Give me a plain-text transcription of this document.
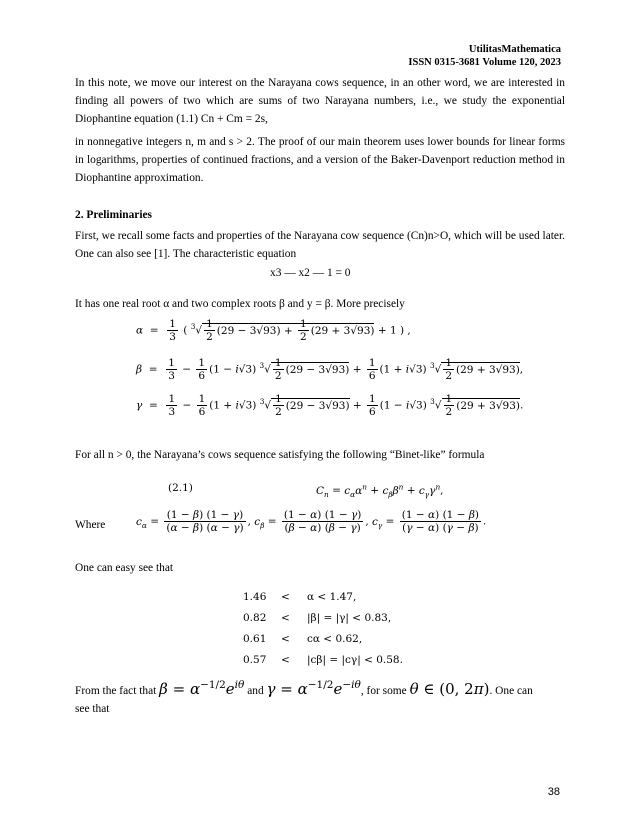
UtilitasMathematica
ISSN 0315-3681 Volume 120, 2023
In this note, we move our interest on the Narayana cows sequence, in an other word, we are interested in finding all powers of two which are sums of two Narayana numbers, i.e., we study the exponential Diophantine equation (1.1) Cn + Cm = 2s,
in nonnegative integers n, m and s > 2. The proof of our main theorem uses lower bounds for linear forms in logarithms, properties of continued fractions, and a version of the Baker-Davenport reduction method in Diophantine approximation.
2. Preliminaries
First, we recall some facts and properties of the Narayana cow sequence (Cn)n>O, which will be used later. One can also see [1]. The characteristic equation
x3 — x2 — 1 = 0
It has one real root α and two complex roots β and y = β. More precisely
$\alpha = \frac{1}{3}$ ( $^3√ \frac{1}{2} (29 - 3√93) + \frac{1}{2} (29 + 3√93) + 1$ ) ,
$\beta = \frac{1}{3} - \frac{1}{6} (1 - i√3)$ $^3√ \frac{1}{2} (29 - 3√93) + \frac{1}{6} (1 + i√3)$ $^3√ \frac{1}{2} (29 + 3√93)$,
$\gamma = \frac{1}{3} - \frac{1}{6} (1 + i√3)$ $^3√ \frac{1}{2} (29 - 3√93) + \frac{1}{6} (1 - i√3)$ $^3√ \frac{1}{2} (29 + 3√93)$.
For all n > 0, the Narayana’s cows sequence satisfying the following “Binet-like” formula
(2.1)	$C_n = c_\alpha\alpha^n + c_\beta\beta^n + c_\gamma\gamma^n$,
Where	$c_\alpha = \frac{(1 - \beta) (1 - \gamma)}{(\alpha - \beta) (\alpha - \gamma)}$ , $c_\beta = \frac{(1 - \alpha) (1 - \gamma)}{(\beta - \alpha) (\beta - \gamma)}$ , $c_\gamma = \frac{(1 - \alpha) (1 - \beta)}{(\gamma - \alpha) (\gamma - \beta)}$ .
One can easy see that
1.46 < α < 1.47,
0.82 < |β| = |γ| < 0.83,
0.61 < cα < 0.62,
0.57 < |cβ| = |cγ| < 0.58.
From the fact that $\beta = \alpha^{-1/2}e^{i\theta}$ and $\gamma = \alpha^{-1/2}e^{-i\theta}$, for some θ ∈ (0, 2π). One can
see that
38
